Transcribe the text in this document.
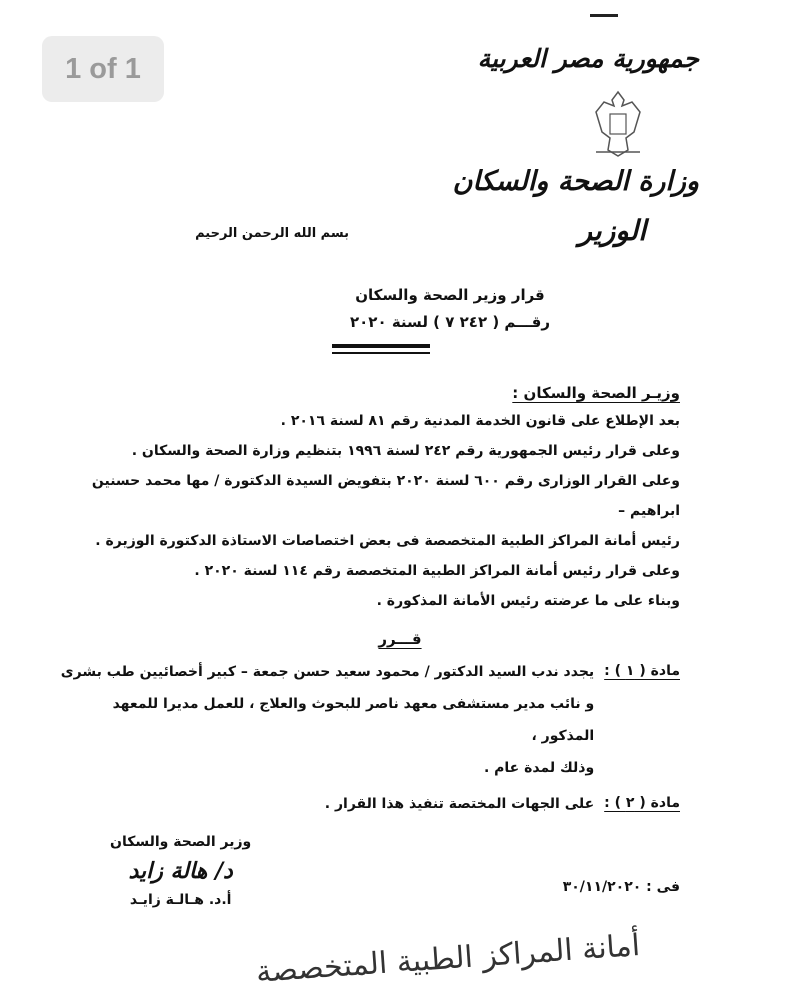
1 of 1	جمهورية مصر العربية
وزارة الصحة والسكان
الوزير
بسم الله الرحمن الرحيم
قرار وزير الصحة والسكان
رقـــم ( ٢٤٢ ٧ ) لسنة ٢٠٢٠
وزيـر الصحة والسكان :
بعد الإطلاع على قانون الخدمة المدنية رقم ٨١ لسنة ٢٠١٦ .
وعلى قرار رئيس الجمهورية رقم ٢٤٢ لسنة ١٩٩٦ بتنظيم وزارة الصحة والسكان .
وعلى القرار الوزارى رقم ٦٠٠ لسنة ٢٠٢٠ بتفويض السيدة الدكتورة / مها محمد حسنين ابراهيم –
رئيس أمانة المراكز الطبية المتخصصة فى بعض اختصاصات الاستاذة الدكتورة الوزيرة .
وعلى قرار رئيس أمانة المراكز الطبية المتخصصة رقم ١١٤ لسنة ٢٠٢٠ .
وبناء على ما عرضته رئيس الأمانة المذكورة .
قـــرر
مادة ( ١ ) :
يجدد ندب السيد الدكتور / محمود سعيد حسن جمعة – كبير أخصائيين طب بشرى
و نائب مدير مستشفى معهد ناصر للبحوث والعلاج ، للعمل مديرا للمعهد المذكور ،
وذلك لمدة عام .
مادة ( ٢ ) :
على الجهات المختصة تنفيذ هذا القرار .
فى : ٣٠/١١/٢٠٢٠
وزير الصحة والسكان
د/ هالة زايد
أ.د. هـالـة زايـد
أمانة المراكز الطبية المتخصصة
